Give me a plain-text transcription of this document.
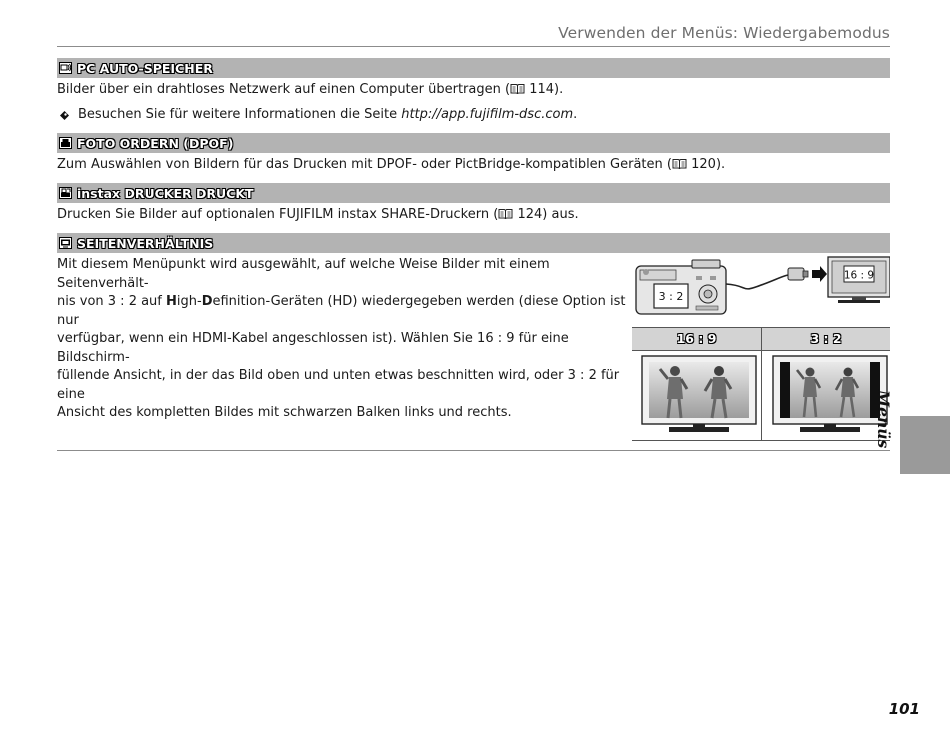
Verwenden der Menüs: Wiedergabemodus
PC AUTO-SPEICHER
Bilder über ein drahtloses Netzwerk auf einen Computer übertragen ( 114).
Besuchen Sie für weitere Informationen die Seite http://app.fujifilm-dsc.com.
FOTO ORDERN (DPOF)
Zum Auswählen von Bildern für das Drucken mit DPOF- oder PictBridge-kompatiblen Geräten ( 120).
instax DRUCKER DRUCKT
Drucken Sie Bilder auf optionalen FUJIFILM instax SHARE-Druckern ( 124) aus.
SEITENVERHÄLTNIS
Mit diesem Menüpunkt wird ausgewählt, auf welche Weise Bilder mit einem Seitenverhält-
nis von 3 : 2 auf High-Definition-Geräten (HD) wiedergegeben werden (diese Option ist nur
verfügbar, wenn ein HDMI-Kabel angeschlossen ist). Wählen Sie 16 : 9 für eine Bildschirm-
füllende Ansicht, in der das Bild oben und unten etwas beschnitten wird, oder 3 : 2 für eine
Ansicht des kompletten Bildes mit schwarzen Balken links und rechts.
3 : 2
16 : 9
16 : 9	3 : 2
Menüs
101
